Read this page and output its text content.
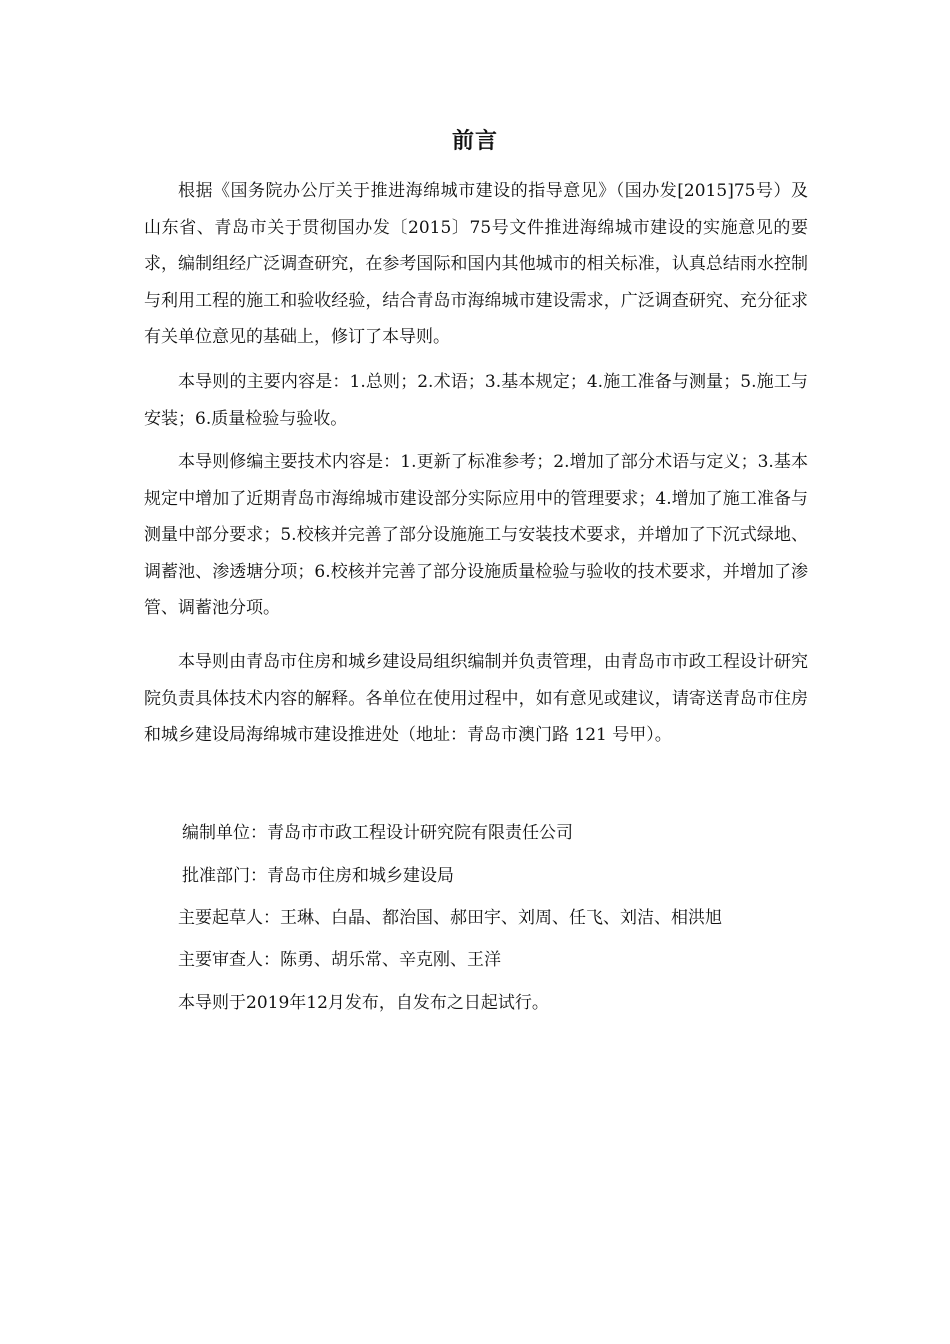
前言

根据《国务院办公厅关于推进海绵城市建设的指导意见》（国办发[2015]75号）及山东省、青岛市关于贯彻国办发〔2015〕75号文件推进海绵城市建设的实施意见的要求，编制组经广泛调查研究，在参考国际和国内其他城市的相关标准，认真总结雨水控制与利用工程的施工和验收经验，结合青岛市海绵城市建设需求，广泛调查研究、充分征求有关单位意见的基础上，修订了本导则。

本导则的主要内容是：1.总则；2.术语；3.基本规定；4.施工准备与测量；5.施工与安装；6.质量检验与验收。

本导则修编主要技术内容是：1.更新了标准参考；2.增加了部分术语与定义；3.基本规定中增加了近期青岛市海绵城市建设部分实际应用中的管理要求；4.增加了施工准备与测量中部分要求；5.校核并完善了部分设施施工与安装技术要求，并增加了下沉式绿地、调蓄池、渗透塘分项；6.校核并完善了部分设施质量检验与验收的技术要求，并增加了渗管、调蓄池分项。

本导则由青岛市住房和城乡建设局组织编制并负责管理，由青岛市市政工程设计研究院负责具体技术内容的解释。各单位在使用过程中，如有意见或建议，请寄送青岛市住房和城乡建设局海绵城市建设推进处（地址：青岛市澳门路 121 号甲）。

编制单位：青岛市市政工程设计研究院有限责任公司

批准部门：青岛市住房和城乡建设局

主要起草人：王琳、白晶、都治国、郝田宇、刘周、任飞、刘洁、相洪旭

主要审查人：陈勇、胡乐常、辛克刚、王洋

本导则于2019年12月发布，自发布之日起试行。
